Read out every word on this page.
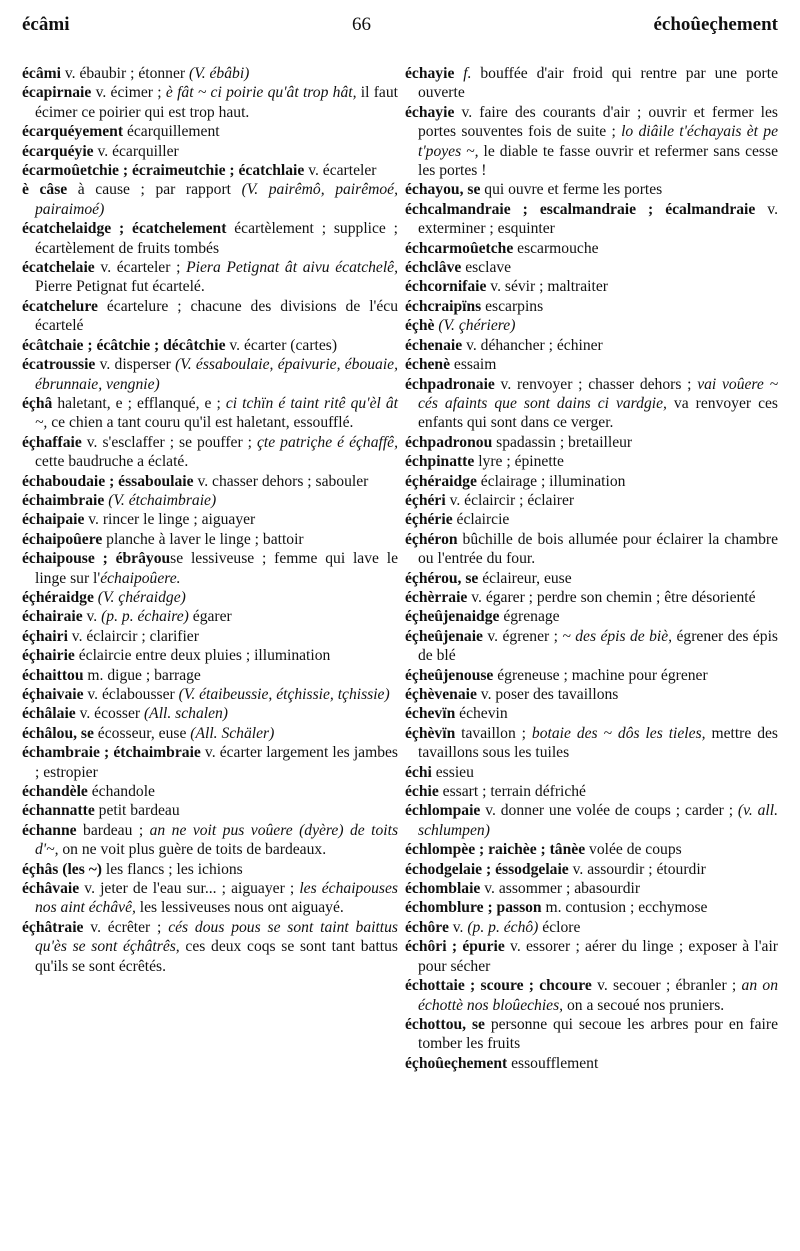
écâmi	66	échoûeçhement

écâmi v. ébaubir ; étonner (V. ébâbi)

écapirnaie v. écimer ; è fât ~ ci poirie qu'ât trop hât, il faut écimer ce poirier qui est trop haut.

écarquéyement écarquillement

écarquéyie v. écarquiller

écarmoûetchie ; écraimeutchie ; écatchlaie v. écarteler

è câse à cause ; par rapport (V. pairêmô, pairêmoé, pairaimoé)

écatchelaidge ; écatchelement écartèlement ; supplice ; écartèlement de fruits tombés

écatchelaie v. écarteler ; Piera Petignat ât aivu écatchelê, Pierre Petignat fut écartelé.

écatchelure écartelure ; chacune des divisions de l'écu écartelé

écâtchaie ; écâtchie ; décâtchie v. écarter (cartes)

écatroussie v. disperser (V. éssaboulaie, épaivurie, ébouaie, ébrunnaie, vengnie)

éçhâ haletant, e ; efflanqué, e ; ci tchïn é taint ritê qu'èl ât ~, ce chien a tant couru qu'il est haletant, essoufflé.

éçhaffaie v. s'esclaffer ; se pouffer ; çte patriçhe é éçhaffê, cette baudruche a éclaté.

échaboudaie ; éssaboulaie v. chasser dehors ; sabouler

échaimbraie (V. étchaimbraie)

échaipaie v. rincer le linge ; aiguayer

échaipoûere planche à laver le linge ; battoir

échaipouse ; ébrâyouse lessiveuse ; femme qui lave le linge sur l'échaipoûere.

éçhéraidge (V. çhéraidge)

échairaie v. (p. p. échaire) égarer

éçhairi v. éclaircir ; clarifier

éçhairie éclaircie entre deux pluies ; illumination

échaittou m. digue ; barrage

éçhaivaie v. éclabousser (V. étaibeussie, étçhissie, tçhissie)

échâlaie v. écosser (All. schalen)

échâlou, se écosseur, euse (All. Schäler)

échambraie ; étchaimbraie v. écarter largement les jambes ; estropier

échandèle échandole

échannatte petit bardeau

échanne bardeau ; an ne voit pus voûere (dyère) de toits d'~, on ne voit plus guère de toits de bardeaux.

éçhâs (les ~) les flancs ; les ichions

échâvaie v. jeter de l'eau sur... ; aiguayer ; les échaipouses nos aint échâvê, les lessiveuses nous ont aiguayé.

éçhâtraie v. écrêter ; cés dous pous se sont taint baittus qu'ès se sont éçhâtrês, ces deux coqs se sont tant battus qu'ils se sont écrêtés.

échayie f. bouffée d'air froid qui rentre par une porte ouverte

échayie v. faire des courants d'air ; ouvrir et fermer les portes souventes fois de suite ; lo diâile t'échayais èt pe t'poyes ~, le diable te fasse ouvrir et refermer sans cesse les portes !

échayou, se qui ouvre et ferme les portes

échcalmandraie ; escalmandraie ; écalmandraie v. exterminer ; esquinter

échcarmoûetche escarmouche

échclâve esclave

échcornifaie v. sévir ; maltraiter

échcraipïns escarpins

éçhè (V. çhériere)

échenaie v. déhancher ; échiner

échenè essaim

échpadronaie v. renvoyer ; chasser dehors ; vai voûere ~ cés afaints que sont dains ci vardgie, va renvoyer ces enfants qui sont dans ce verger.

échpadronou spadassin ; bretailleur

échpinatte lyre ; épinette

éçhéraidge éclairage ; illumination

éçhéri v. éclaircir ; éclairer

éçhérie éclaircie

éçhéron bûchille de bois allumée pour éclairer la chambre ou l'entrée du four.

éçhérou, se éclaireur, euse

échèrraie v. égarer ; perdre son chemin ; être désorienté

éçheûjenaidge égrenage

éçheûjenaie v. égrener ; ~ des épis de biè, égrener des épis de blé

éçheûjenouse égreneuse ; machine pour égrener

éçhèvenaie v. poser des tavaillons

échevïn échevin

éçhèvïn tavaillon ; botaie des ~ dôs les tieles, mettre des tavaillons sous les tuiles

échi essieu

échie essart ; terrain défriché

échlompaie v. donner une volée de coups ; carder ; (v. all. schlumpen)

échlompèe ; raichèe ; tânèe volée de coups

échodgelaie ; éssodgelaie v. assourdir ; étourdir

échomblaie v. assommer ; abasourdir

échomblure ; passon m. contusion ; ecchymose

échôre v. (p. p. échô) éclore

échôri ; épurie v. essorer ; aérer du linge ; exposer à l'air pour sécher

échottaie ; scoure ; chcoure v. secouer ; ébranler ; an on échottè nos bloûechies, on a secoué nos pruniers.

échottou, se personne qui secoue les arbres pour en faire tomber les fruits

éçhoûeçhement essoufflement
